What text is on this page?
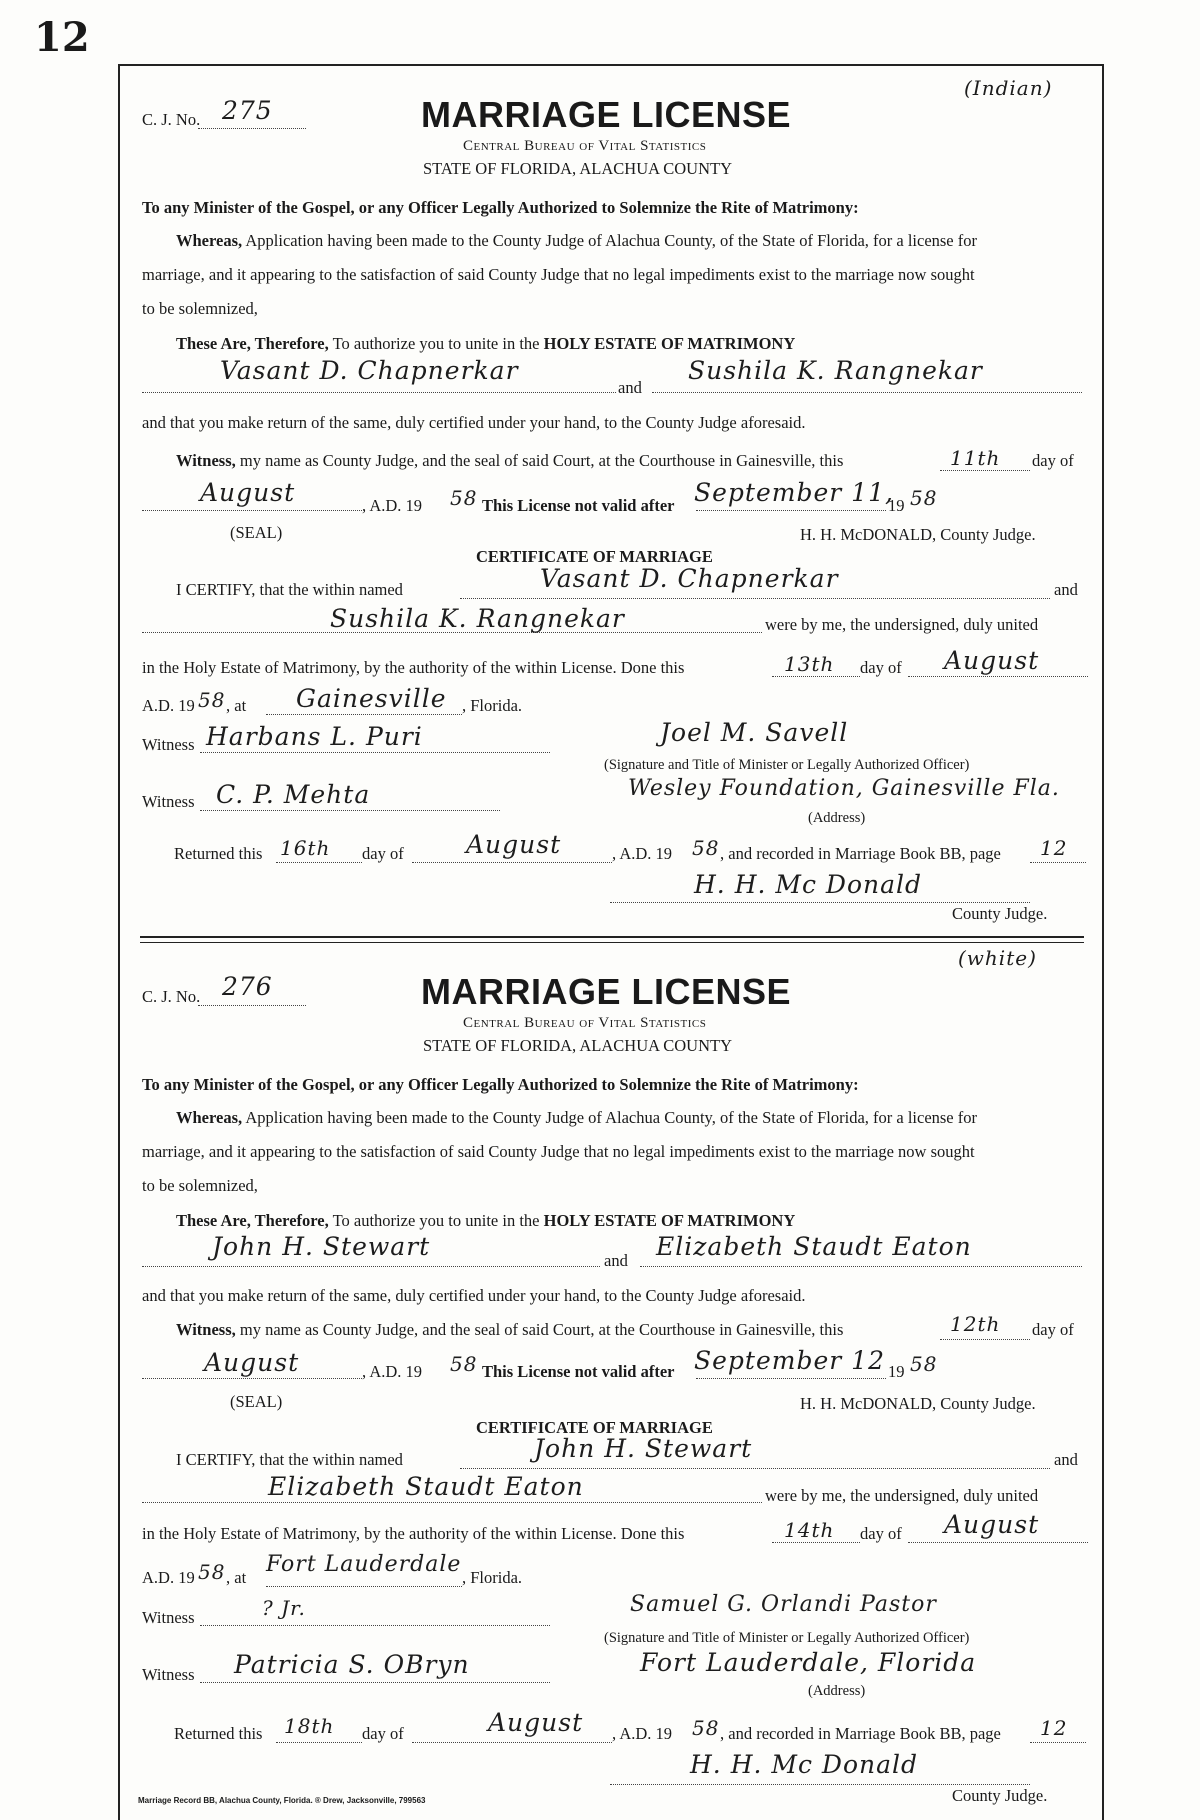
12
(Indian)
C. J. No. 275	MARRIAGE LICENSE
Central Bureau of Vital Statistics
STATE OF FLORIDA, ALACHUA COUNTY
To any Minister of the Gospel, or any Officer Legally Authorized to Solemnize the Rite of Matrimony:
Whereas, Application having been made to the County Judge of Alachua County, of the State of Florida, for a license for
marriage, and it appearing to the satisfaction of said County Judge that no legal impediments exist to the marriage now sought
to be solemnized,
These Are, Therefore, To authorize you to unite in the HOLY ESTATE OF MATRIMONY
Vasant D. Chapnerkar
and
Sushila K. Rangnekar
and that you make return of the same, duly certified under your hand, to the County Judge aforesaid.
Witness, my name as County Judge, and the seal of said Court, at the Courthouse in Gainesville, this	11th day of
August	, A.D. 19 58 This License not valid after September 11,
19 58
(SEAL)	H. H. McDONALD, County Judge.
CERTIFICATE OF MARRIAGE
I CERTIFY, that the within named	Vasant D. Chapnerkar	and
Sushila K. Rangnekar	were by me, the undersigned, duly united
in the Holy Estate of Matrimony, by the authority of the within License. Done this	13th day of August
A.D. 19 58 , at Gainesville , Florida.
Witness Harbans L. Puri	Joel M. Savell
(Signature and Title of Minister or Legally Authorized Officer)
Witness C. P. Mehta	Wesley Foundation, Gainesville Fla.
(Address)
Returned this 16th day of August	, A.D. 19 58 , and recorded in Marriage Book BB, page 12
H. H. Mc Donald
County Judge.
(white)
C. J. No. 276	MARRIAGE LICENSE
Central Bureau of Vital Statistics
STATE OF FLORIDA, ALACHUA COUNTY
To any Minister of the Gospel, or any Officer Legally Authorized to Solemnize the Rite of Matrimony:
Whereas, Application having been made to the County Judge of Alachua County, of the State of Florida, for a license for
marriage, and it appearing to the satisfaction of said County Judge that no legal impediments exist to the marriage now sought
to be solemnized,
These Are, Therefore, To authorize you to unite in the HOLY ESTATE OF MATRIMONY
John H. Stewart	and Elizabeth Staudt Eaton
and that you make return of the same, duly certified under your hand, to the County Judge aforesaid.
Witness, my name as County Judge, and the seal of said Court, at the Courthouse in Gainesville, this	12th day of
August	, A.D. 19 58 This License not valid after September 12 19 58
(SEAL)	H. H. McDONALD, County Judge.
CERTIFICATE OF MARRIAGE
I CERTIFY, that the within named	John H. Stewart	and
Elizabeth Staudt Eaton	were by me, the undersigned, duly united
in the Holy Estate of Matrimony, by the authority of the within License. Done this	14th day of August
A.D. 19 58 , at
Fort Lauderdale
, Florida.
Witness	? Jr.	Samuel G. Orlandi Pastor
(Signature and Title of Minister or Legally Authorized Officer)
Witness Patricia S. OBryn	Fort Lauderdale, Florida
(Address)
Returned this 18th day of	August , A.D. 19 58 , and recorded in Marriage Book BB, page 12
H. H. Mc Donald
County Judge.
Marriage Record BB, Alachua County, Florida. ® Drew, Jacksonville, 799563
